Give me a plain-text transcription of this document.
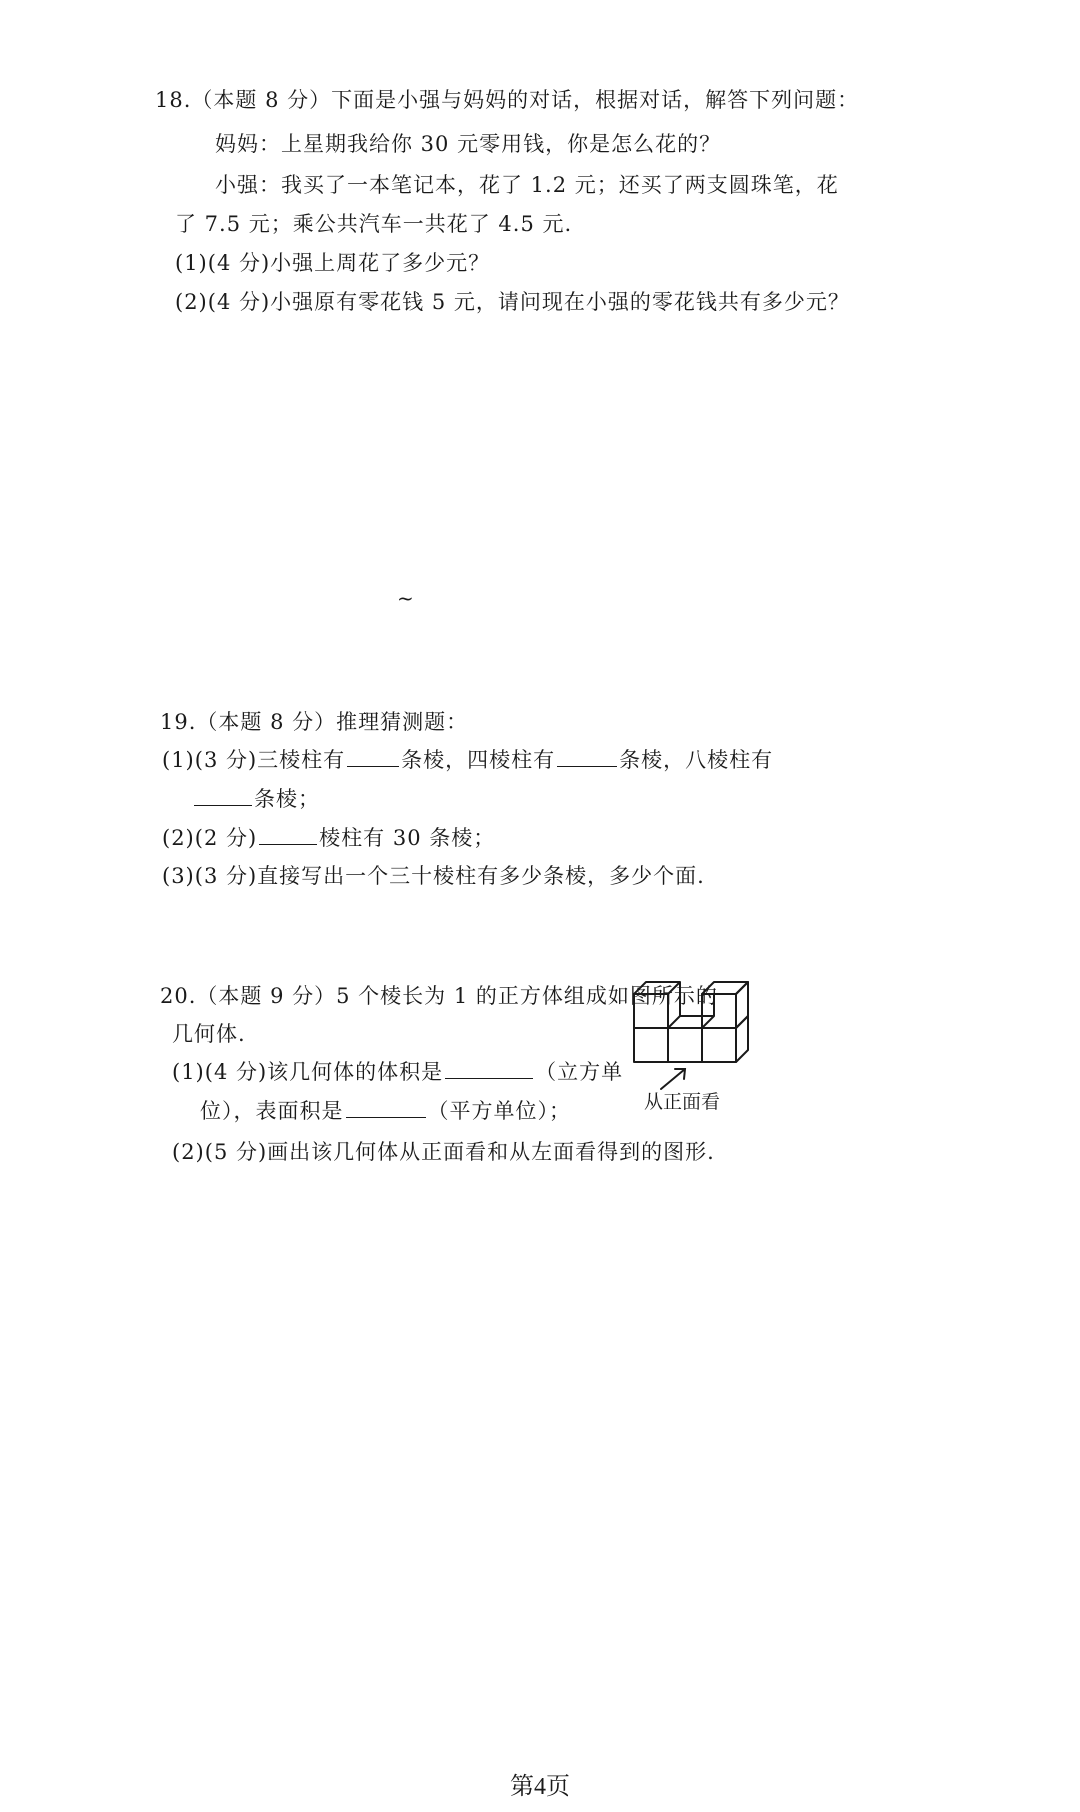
18.（本题 8 分）下面是小强与妈妈的对话，根据对话，解答下列问题：
妈妈：上星期我给你 30 元零用钱，你是怎么花的？
小强：我买了一本笔记本，花了 1.2 元；还买了两支圆珠笔，花
了 7.5 元；乘公共汽车一共花了 4.5 元.
(1)(4 分)小强上周花了多少元？
(2)(4 分)小强原有零花钱 5 元，请问现在小强的零花钱共有多少元？
~
19.（本题 8 分）推理猜测题：
(1)(3 分)三棱柱有	条棱，四棱柱有	条棱，八棱柱有
条棱；
(2)(2 分)	棱柱有 30 条棱；
(3)(3 分)直接写出一个三十棱柱有多少条棱，多少个面.
20.（本题 9 分）5 个棱长为 1 的正方体组成如图所示的
几何体.
(1)(4 分)该几何体的体积是	（立方单
位），表面积是	（平方单位）；
(2)(5 分)画出该几何体从正面看和从左面看得到的图形.
从正面看
第4页
